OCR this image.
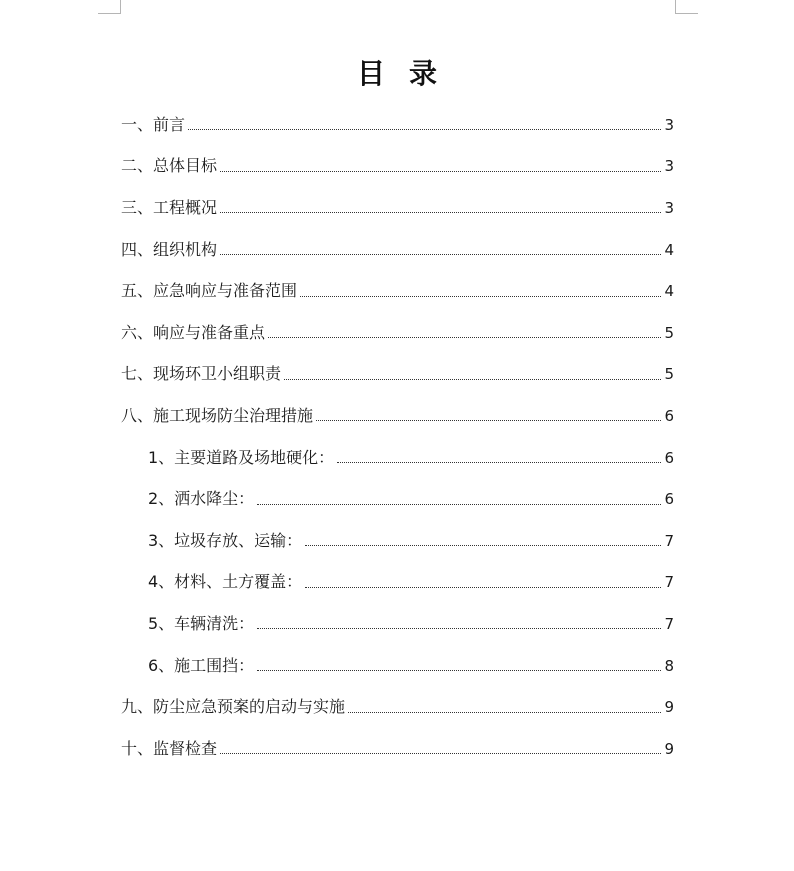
目录
一、前言	3
二、总体目标	3
三、工程概况	3
四、组织机构	4
五、应急响应与准备范围	4
六、响应与准备重点	5
七、现场环卫小组职责	5
八、施工现场防尘治理措施	6
1、主要道路及场地硬化：	6
2、洒水降尘：	6
3、垃圾存放、运输：	7
4、材料、土方覆盖：	7
5、车辆清洗：	7
6、施工围挡：	8
九、防尘应急预案的启动与实施	9
十、监督检查	9
